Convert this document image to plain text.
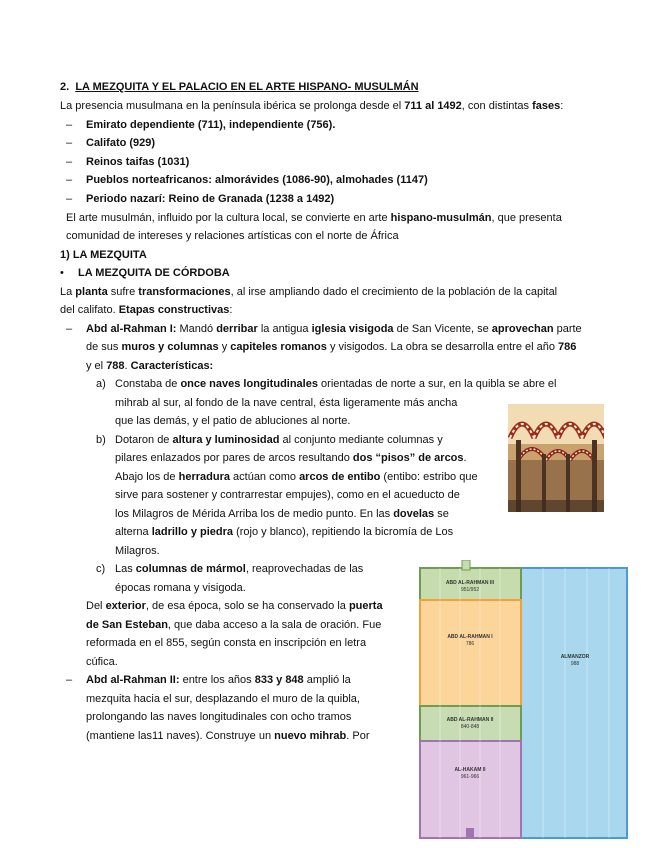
2. LA MEZQUITA Y EL PALACIO EN EL ARTE HISPANO- MUSULMÁN
La presencia musulmana en la península ibérica se prolonga desde el 711 al 1492, con distintas fases:
– Emirato dependiente (711), independiente (756).
– Califato (929)
– Reinos taifas (1031)
– Pueblos norteafricanos: almorávides (1086-90), almohades (1147)
– Periodo nazarí: Reino de Granada (1238 a 1492)
El arte musulmán, influido por la cultura local, se convierte en arte hispano-musulmán, que presenta
comunidad de intereses y relaciones artísticas con el norte de África
1) LA MEZQUITA
• LA MEZQUITA DE CÓRDOBA
La planta sufre transformaciones, al irse ampliando dado el crecimiento de la población de la capital
del califato. Etapas constructivas:
– Abd al-Rahman I: Mandó derribar la antigua iglesia visigoda de San Vicente, se aprovechan parte
de sus muros y columnas y capiteles romanos y visigodos. La obra se desarrolla entre el año 786
y el 788. Características:
a) Constaba de once naves longitudinales orientadas de norte a sur, en la quibla se abre el
mihrab al sur, al fondo de la nave central, ésta ligeramente más ancha
que las demás, y el patio de abluciones al norte.
b) Dotaron de altura y luminosidad al conjunto mediante columnas y
pilares enlazados por pares de arcos resultando dos “pisos” de arcos.
Abajo los de herradura actúan como arcos de entibo (entibo: estribo que
sirve para sostener y contrarrestar empujes), como en el acueducto de
los Milagros de Mérida Arriba los de medio punto. En las dovelas se
alterna ladrillo y piedra (rojo y blanco), repitiendo la bicromía de Los
Milagros.
c) Las columnas de mármol, reaprovechadas de las
épocas romana y visigoda.
Del exterior, de esa época, solo se ha conservado la puerta
de San Esteban, que daba acceso a la sala de oración. Fue
reformada en el 855, según consta en inscripción en letra
cúfica.
– Abd al-Rahman II: entre los años 833 y 848 amplió la
mezquita hacia el sur, desplazando el muro de la quibla,
prolongando las naves longitudinales con ocho tramos
(mantiene las11 naves). Construye un nuevo mihrab. Por
ABD AL-RAHMAN III
951/952
ABD AL-RAHMAN I
786
ABD AL-RAHMAN II
840-848
AL-HAKAM II
961-966
ALMANZOR
988
